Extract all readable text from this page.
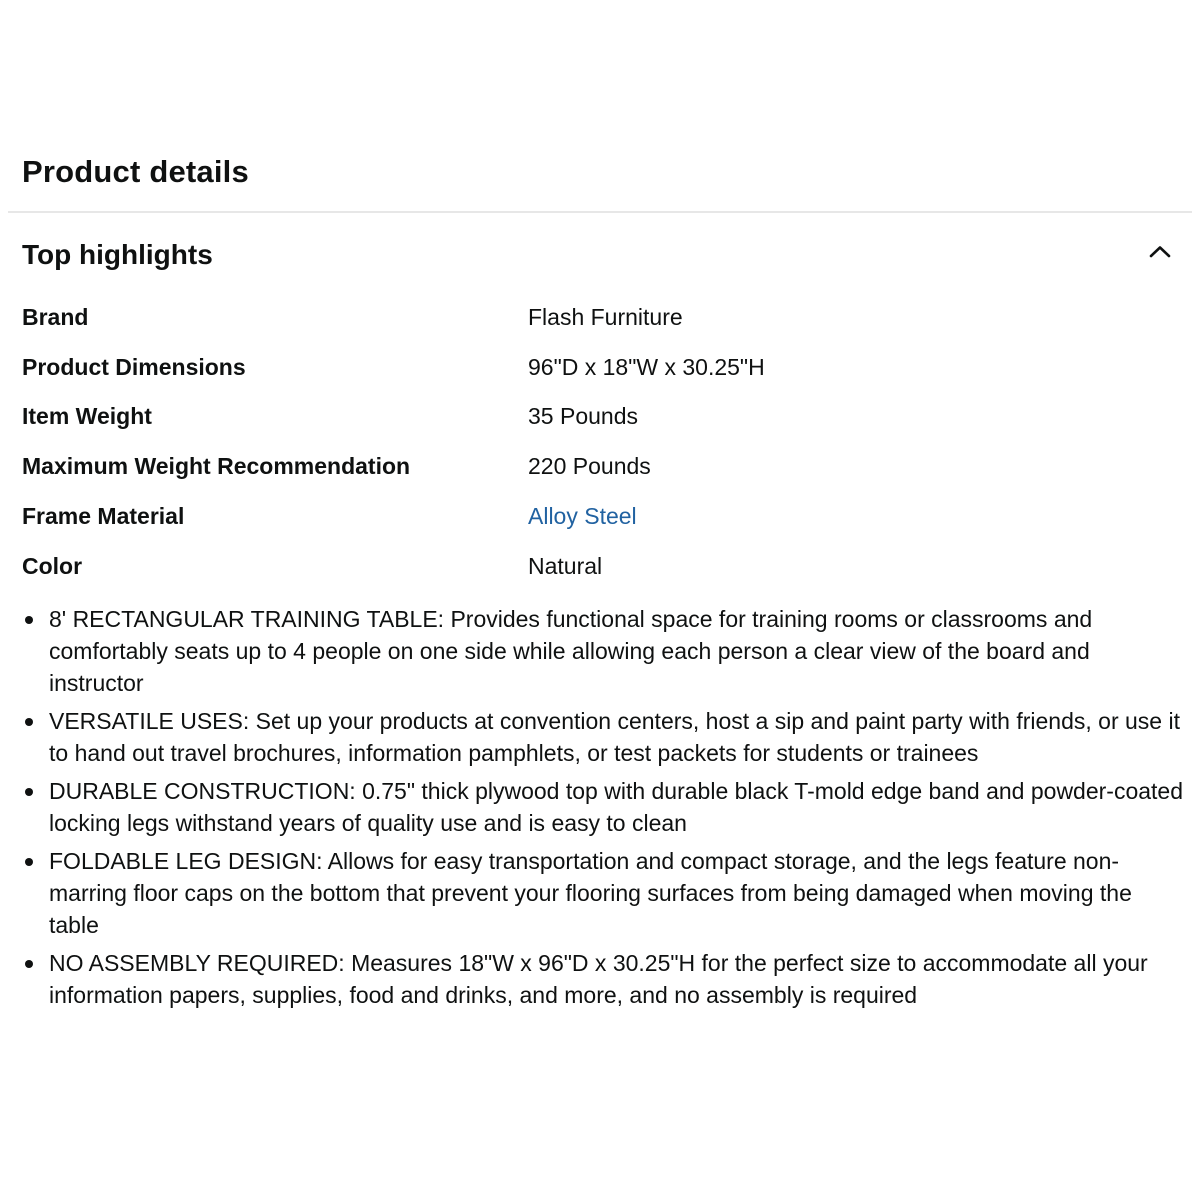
Product details
Top highlights
Brand	Flash Furniture
Product Dimensions	96"D x 18"W x 30.25"H
Item Weight	35 Pounds
Maximum Weight Recommendation	220 Pounds
Frame Material	Alloy Steel
Color	Natural
8' RECTANGULAR TRAINING TABLE: Provides functional space for training rooms or classrooms and comfortably seats up to 4 people on one side while allowing each person a clear view of the board and instructor
VERSATILE USES: Set up your products at convention centers, host a sip and paint party with friends, or use it to hand out travel brochures, information pamphlets, or test packets for students or trainees
DURABLE CONSTRUCTION: 0.75" thick plywood top with durable black T-mold edge band and powder-coated locking legs withstand years of quality use and is easy to clean
FOLDABLE LEG DESIGN: Allows for easy transportation and compact storage, and the legs feature non-marring floor caps on the bottom that prevent your flooring surfaces from being damaged when moving the table
NO ASSEMBLY REQUIRED: Measures 18"W x 96"D x 30.25"H for the perfect size to accommodate all your information papers, supplies, food and drinks, and more, and no assembly is required
